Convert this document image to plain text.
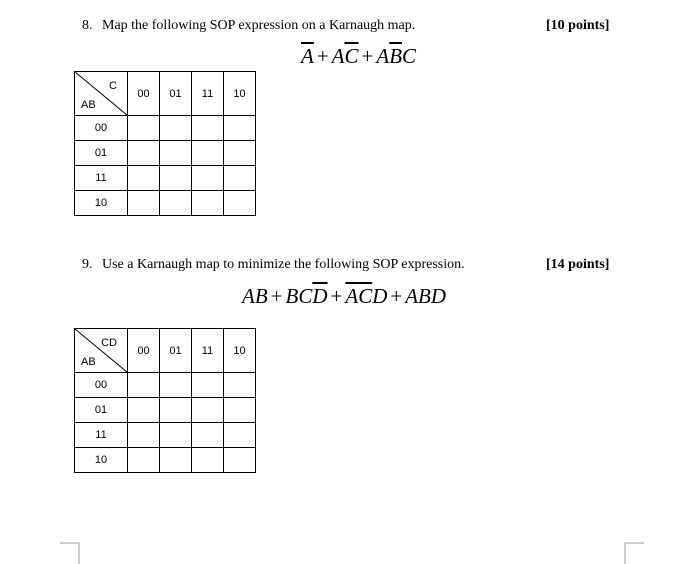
8. Map the following SOP expression on a Karnaugh map.	[10 points]
$\overline{A} + A\overline{C} + A\overline{B}C$
C
AB	00	01	11	10
00				
01				
11				
10				
9. Use a Karnaugh map to minimize the following SOP expression.	[14 points]
AB + $BC\overline{D} + \overline{A}\overline{C}D$ + ABD
CD
AB	00	01	11	10
00				
01				
11				
10				
